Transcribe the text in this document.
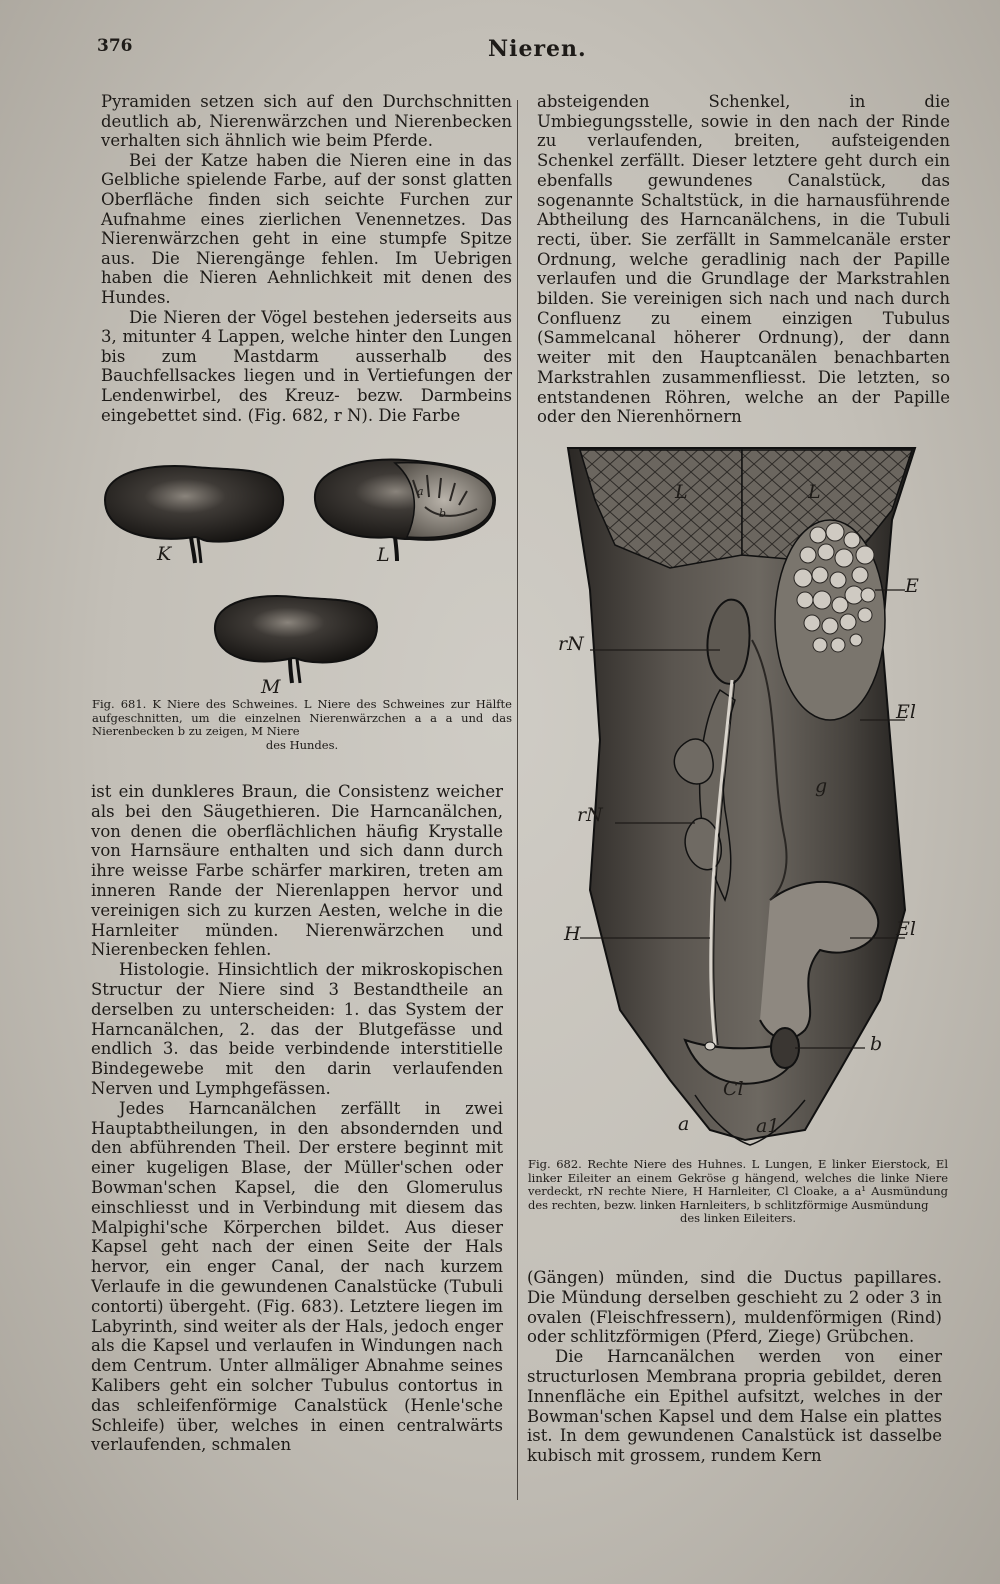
376	Nieren.

Pyramiden setzen sich auf den Durchschnitten deutlich ab, Nierenwärzchen und Nierenbecken verhalten sich ähnlich wie beim Pferde.

Bei der Katze haben die Nieren eine in das Gelbliche spielende Farbe, auf der sonst glatten Oberfläche finden sich seichte Furchen zur Aufnahme eines zierlichen Venennetzes. Das Nierenwärzchen geht in eine stumpfe Spitze aus. Die Nierengänge fehlen. Im Uebrigen haben die Nieren Aehnlichkeit mit denen des Hundes.

Die Nieren der Vögel bestehen jederseits aus 3, mitunter 4 Lappen, welche hinter den Lungen bis zum Mastdarm ausserhalb des Bauchfellsackes liegen und in Vertiefungen der Lendenwirbel, des Kreuz- bezw. Darmbeins eingebettet sind. (Fig. 682, r N). Die Farbe

K	L
a
b
M
Fig. 681. K Niere des Schweines. L Niere des Schweines zur Hälfte aufgeschnitten, um die einzelnen Nierenwärzchen a a a und das Nierenbecken b zu zeigen, M Niere
des Hundes.

ist ein dunkleres Braun, die Consistenz weicher als bei den Säugethieren. Die Harncanälchen, von denen die oberflächlichen häufig Krystalle von Harnsäure enthalten und sich dann durch ihre weisse Farbe schärfer markiren, treten am inneren Rande der Nierenlappen hervor und vereinigen sich zu kurzen Aesten, welche in die Harnleiter münden. Nierenwärzchen und Nierenbecken fehlen.

Histologie. Hinsichtlich der mikroskopischen Structur der Niere sind 3 Bestandtheile an derselben zu unterscheiden: 1. das System der Harncanälchen, 2. das der Blutgefässe und endlich 3. das beide verbindende interstitielle Bindegewebe mit den darin verlaufenden Nerven und Lymphgefässen.

Jedes Harncanälchen zerfällt in zwei Hauptabtheilungen, in den absondernden und den abführenden Theil. Der erstere beginnt mit einer kugeligen Blase, der Müller'schen oder Bowman'schen Kapsel, die den Glomerulus einschliesst und in Verbindung mit diesem das Malpighi'sche Körperchen bildet. Aus dieser Kapsel geht nach der einen Seite der Hals hervor, ein enger Canal, der nach kurzem Verlaufe in die gewundenen Canalstücke (Tubuli contorti) übergeht. (Fig. 683). Letztere liegen im Labyrinth, sind weiter als der Hals, jedoch enger als die Kapsel und verlaufen in Windungen nach dem Centrum. Unter allmäliger Abnahme seines Kalibers geht ein solcher Tubulus contortus in das schleifenförmige Canalstück (Henle'sche Schleife) über, welches in einen centralwärts verlaufenden, schmalen

absteigenden Schenkel, in die Umbiegungsstelle, sowie in den nach der Rinde zu verlaufenden, breiten, aufsteigenden Schenkel zerfällt. Dieser letztere geht durch ein ebenfalls gewundenes Canalstück, das sogenannte Schaltstück, in die harnausführende Abtheilung des Harncanälchens, in die Tubuli recti, über. Sie zerfällt in Sammelcanäle erster Ordnung, welche geradlinig nach der Papille verlaufen und die Grundlage der Markstrahlen bilden. Sie vereinigen sich nach und nach durch Confluenz zu einem einzigen Tubulus (Sammelcanal höherer Ordnung), der dann weiter mit den Hauptcanälen benachbarten Markstrahlen zusammenfliesst. Die letzten, so entstandenen Röhren, welche an der Papille oder den Nierenhörnern

L	L
E
rN
El
g
rN
H	El
b
Cl
a	a1
Fig. 682. Rechte Niere des Huhnes. L Lungen, E linker Eierstock, El linker Eileiter an einem Gekröse g hängend, welches die linke Niere verdeckt, rN rechte Niere, H Harnleiter, Cl Cloake, a a¹ Ausmündung des rechten, bezw. linken Harnleiters, b schlitzförmige Ausmündung
des linken Eileiters.

(Gängen) münden, sind die Ductus papillares. Die Mündung derselben geschieht zu 2 oder 3 in ovalen (Fleischfressern), muldenförmigen (Rind) oder schlitzförmigen (Pferd, Ziege) Grübchen.

Die Harncanälchen werden von einer structurlosen Membrana propria gebildet, deren Innenfläche ein Epithel aufsitzt, welches in der Bowman'schen Kapsel und dem Halse ein plattes ist. In dem gewundenen Canalstück ist dasselbe kubisch mit grossem, rundem Kern
